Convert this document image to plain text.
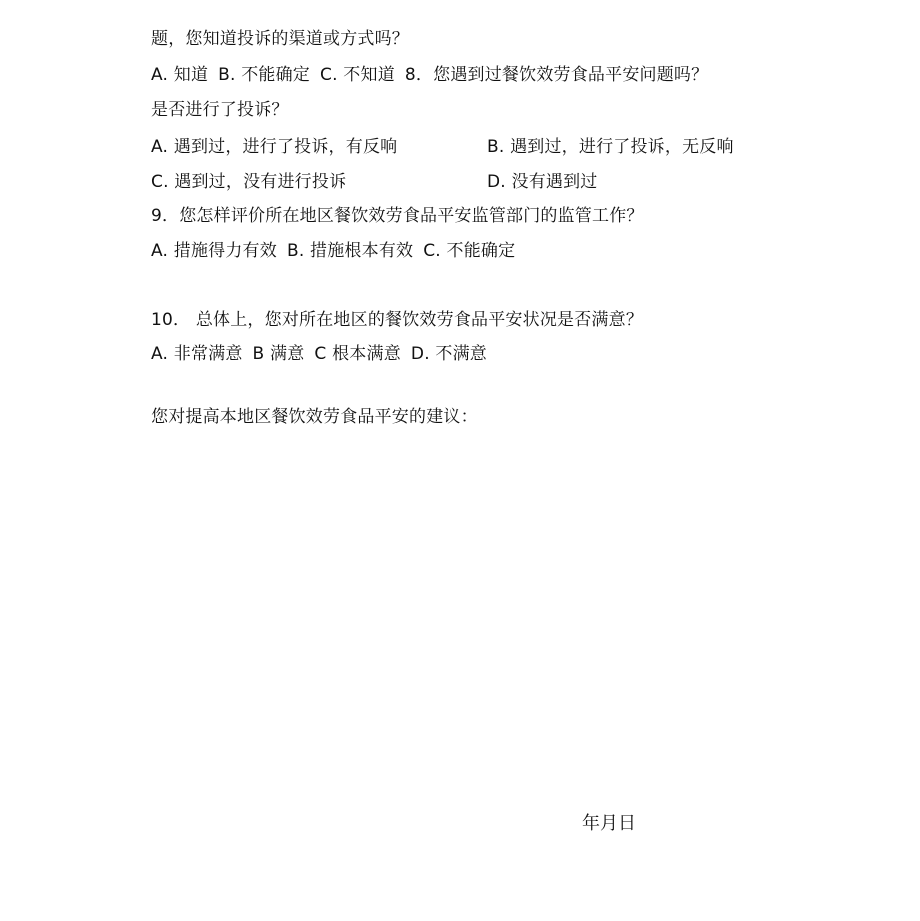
题，您知道投诉的渠道或方式吗？
A. 知道 B. 不能确定 C. 不知道 8．您遇到过餐饮效劳食品平安问题吗？
是否进行了投诉？
A. 遇到过，进行了投诉，有反响	B. 遇到过，进行了投诉，无反响
C. 遇到过，没有进行投诉	D. 没有遇到过
9．您怎样评价所在地区餐饮效劳食品平安监管部门的监管工作？
A. 措施得力有效 B. 措施根本有效 C. 不能确定
10． 总体上，您对所在地区的餐饮效劳食品平安状况是否满意？
A. 非常满意 B 满意 C 根本满意 D. 不满意
您对提高本地区餐饮效劳食品平安的建议：
年月日
